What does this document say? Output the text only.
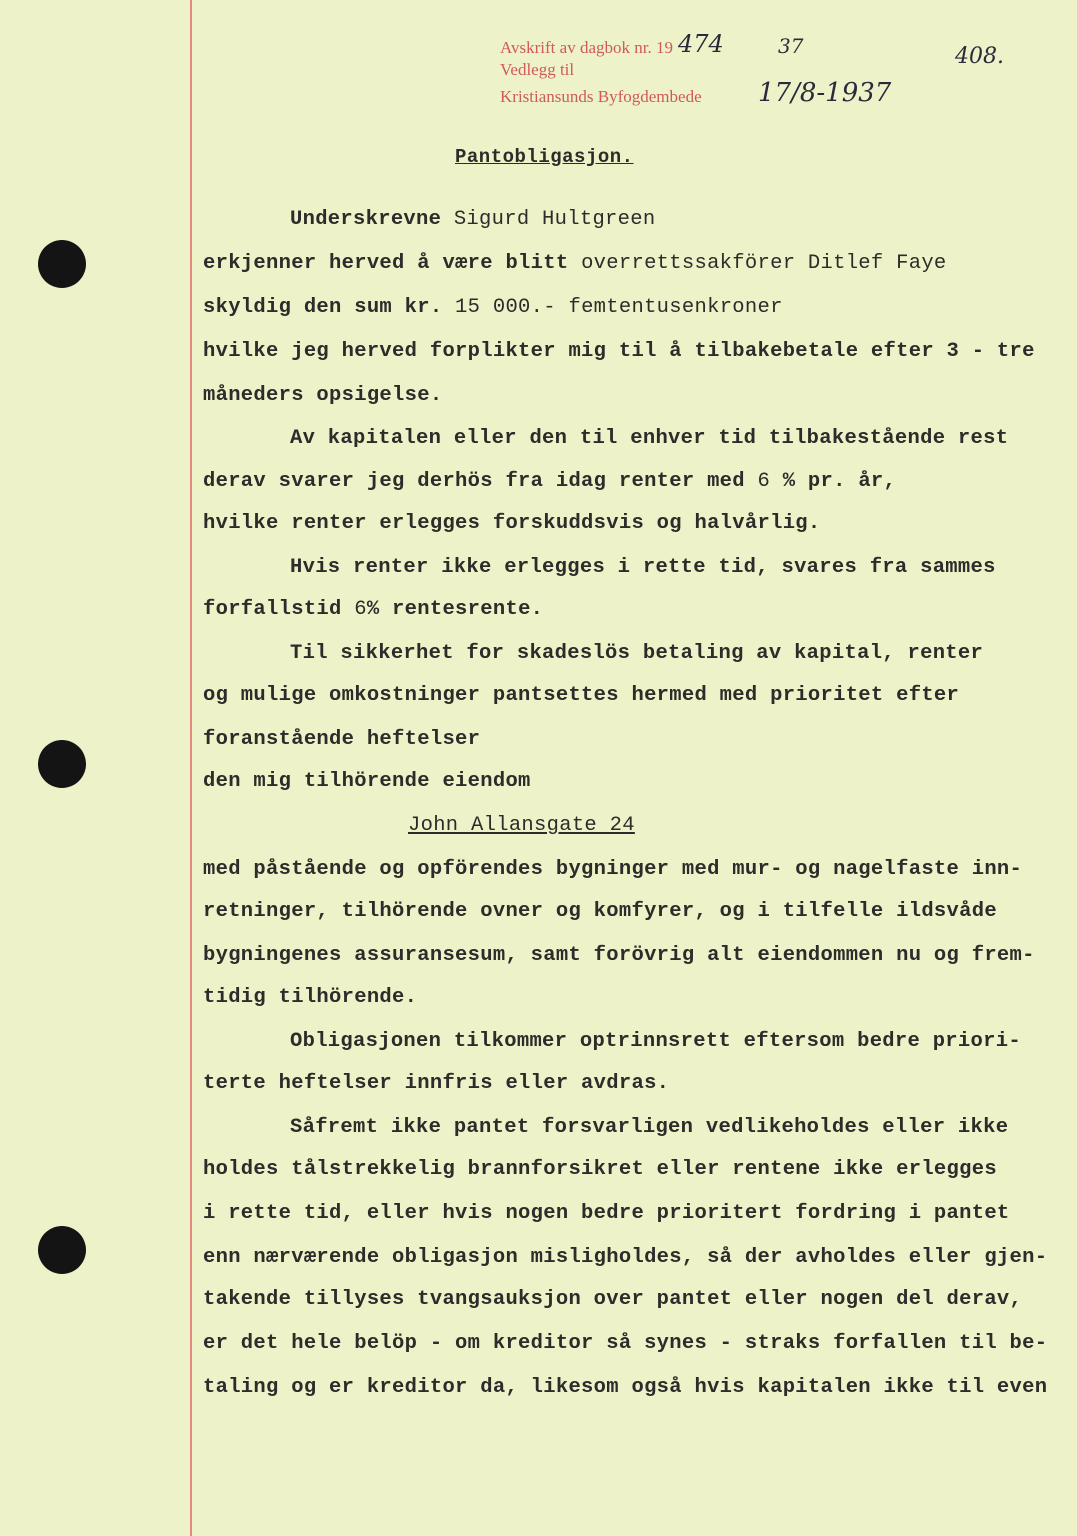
Avskrift av dagbok nr. 19
Vedlegg til
Kristiansunds Byfogdembede
474	37
17/8-1937
408.
Pantobligasjon.
Underskrevne Sigurd Hultgreen
erkjenner herved å være blitt overrettssakförer Ditlef Faye
skyldig den sum kr. 15 000.- femtentusenkroner
hvilke jeg herved forplikter mig til å tilbakebetale efter 3 - tre
måneders opsigelse.
Av kapitalen eller den til enhver tid tilbakestående rest
derav svarer jeg derhös fra idag renter med 6 % pr. år,
hvilke renter erlegges forskuddsvis og halvårlig.
Hvis renter ikke erlegges i rette tid, svares fra sammes
forfallstid 6% rentesrente.
Til sikkerhet for skadeslös betaling av kapital, renter
og mulige omkostninger pantsettes hermed med prioritet efter
foranstående heftelser
den mig tilhörende eiendom
John Allansgate 24
med påstående og opförendes bygninger med mur- og nagelfaste inn-
retninger, tilhörende ovner og komfyrer, og i tilfelle ildsvåde
bygningenes assuransesum, samt forövrig alt eiendommen nu og frem-
tidig tilhörende.
Obligasjonen tilkommer optrinnsrett eftersom bedre priori-
terte heftelser innfris eller avdras.
Såfremt ikke pantet forsvarligen vedlikeholdes eller ikke
holdes tålstrekkelig brannforsikret eller rentene ikke erlegges
i rette tid, eller hvis nogen bedre prioritert fordring i pantet
enn nærværende obligasjon misligholdes, så der avholdes eller gjen-
takende tillyses tvangsauksjon over pantet eller nogen del derav,
er det hele belöp - om kreditor så synes - straks forfallen til be-
taling og er kreditor da, likesom også hvis kapitalen ikke til even
